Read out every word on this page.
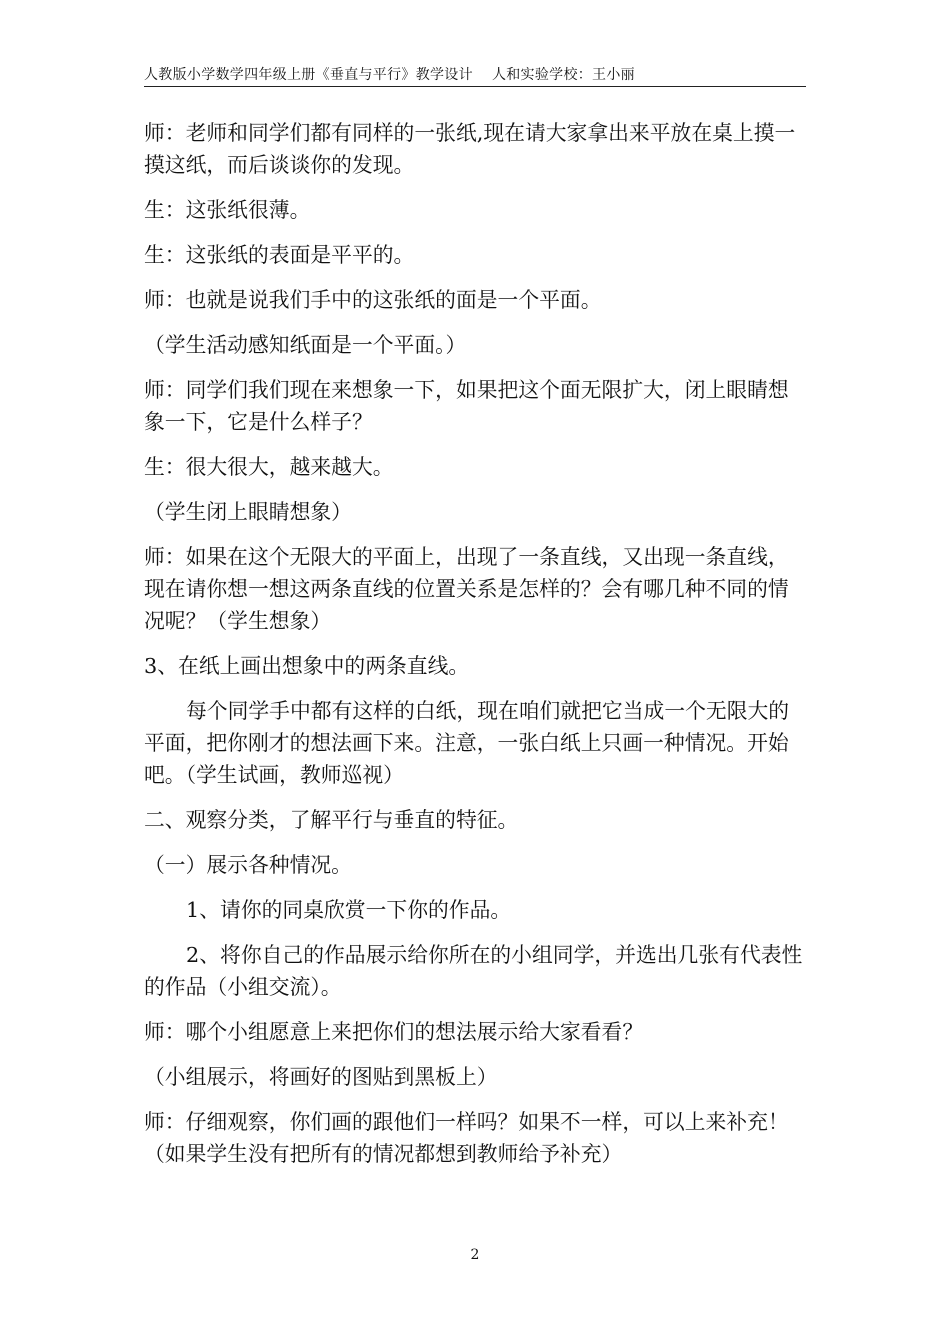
人教版小学数学四年级上册《垂直与平行》教学设计　 人和实验学校：王小丽

师：老师和同学们都有同样的一张纸,现在请大家拿出来平放在桌上摸一摸这纸，而后谈谈你的发现。

生：这张纸很薄。

生：这张纸的表面是平平的。

师：也就是说我们手中的这张纸的面是一个平面。

（学生活动感知纸面是一个平面。）

师：同学们我们现在来想象一下，如果把这个面无限扩大，闭上眼睛想象一下，它是什么样子？

生：很大很大，越来越大。

（学生闭上眼睛想象）

师：如果在这个无限大的平面上，出现了一条直线，又出现一条直线，现在请你想一想这两条直线的位置关系是怎样的？会有哪几种不同的情况呢？（学生想象）

3、在纸上画出想象中的两条直线。

每个同学手中都有这样的白纸，现在咱们就把它当成一个无限大的平面，把你刚才的想法画下来。注意，一张白纸上只画一种情况。开始吧。（学生试画，教师巡视）

二、观察分类，了解平行与垂直的特征。

（一）展示各种情况。

1、请你的同桌欣赏一下你的作品。

2、将你自己的作品展示给你所在的小组同学，并选出几张有代表性的作品（小组交流）。

师：哪个小组愿意上来把你们的想法展示给大家看看？

（小组展示，将画好的图贴到黑板上）

师：仔细观察，你们画的跟他们一样吗？如果不一样，可以上来补充！（如果学生没有把所有的情况都想到教师给予补充）

2
